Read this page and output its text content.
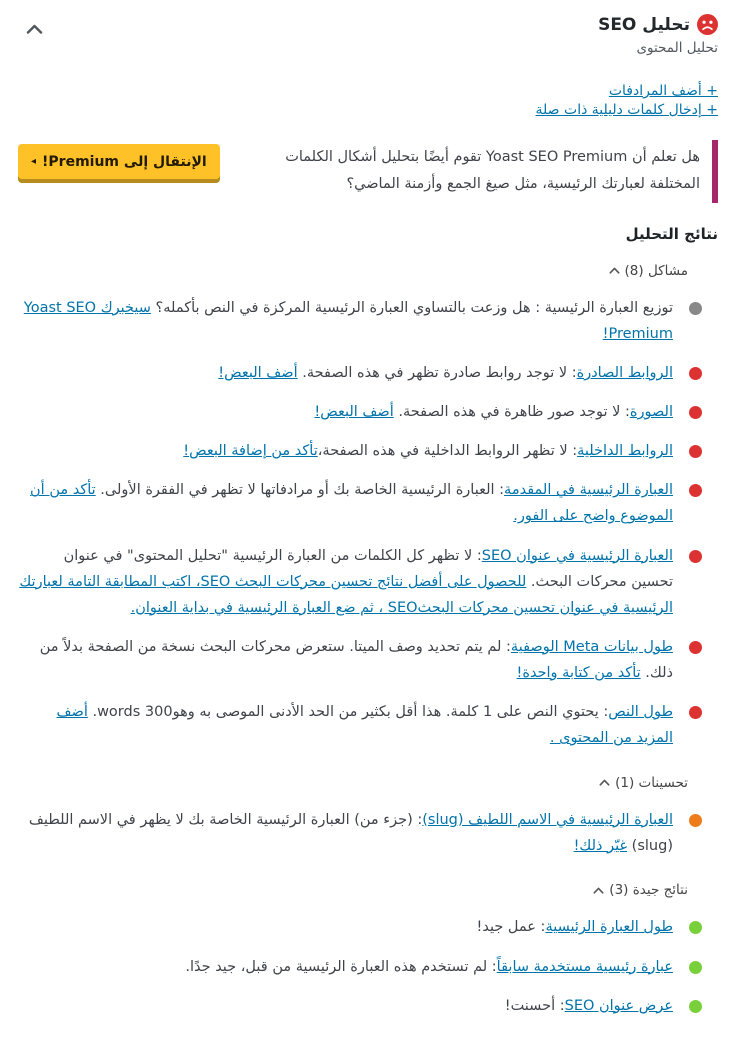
تحليل SEO
تحليل المحتوى
+ أضف المرادفات
+ إدخال كلمات دليلية ذات صلة

هل تعلم أن Yoast SEO Premium تقوم أيضًا بتحليل أشكال الكلمات المختلفة لعبارتك الرئيسية، مثل صيغ الجمع وأزمنة الماضي؟

الإنتقال إلى Premium!
◂
نتائج التحليل
مشاكل (8)
توزيع العبارة الرئيسية : هل وزعت بالتساوي العبارة الرئيسية المركزة في النص بأكمله؟ سيخبرك Yoast SEO Premium!
الروابط الصادرة: لا توجد روابط صادرة تظهر في هذه الصفحة. أضف البعض!
الصورة: لا توجد صور ظاهرة في هذه الصفحة. أضف البعض!
الروابط الداخلية: لا تظهر الروابط الداخلية في هذه الصفحة،تأكد من إضافة البعض!
العبارة الرئيسية في المقدمة: العبارة الرئيسية الخاصة بك أو مرادفاتها لا تظهر في الفقرة الأولى. تأكد من أن الموضوع واضح على الفور.
العبارة الرئيسية في عنوان SEO: لا تظهر كل الكلمات من العبارة الرئيسية "تحليل المحتوى" في عنوان تحسين محركات البحث. للحصول على أفضل نتائج تحسين محركات البحث SEO، اكتب المطابقة التامة لعبارتك الرئيسية في عنوان تحسين محركات البحثSEO ، ثم ضع العبارة الرئيسية في بداية العنوان.
طول بيانات Meta الوصفية: لم يتم تحديد وصف الميتا. ستعرض محركات البحث نسخة من الصفحة بدلاً من ذلك. تأكد من كتابة واحدة!
طول النص: يحتوي النص على 1 كلمة. هذا أقل بكثير من الحد الأدنى الموصى به وهو300 words. أضف المزيد من المحتوى .
تحسينات (1)
العبارة الرئيسية في الاسم اللطيف (slug): (جزء من) العبارة الرئيسية الخاصة بك لا يظهر في الاسم اللطيف (slug) غيّر ذلك!
نتائج جيدة (3)
طول العبارة الرئيسية: عمل جيد!
عبارة رئيسية مستخدمة سابقاً: لم تستخدم هذه العبارة الرئيسية من قبل، جيد جدًا.
عرض عنوان SEO: أحسنت!
